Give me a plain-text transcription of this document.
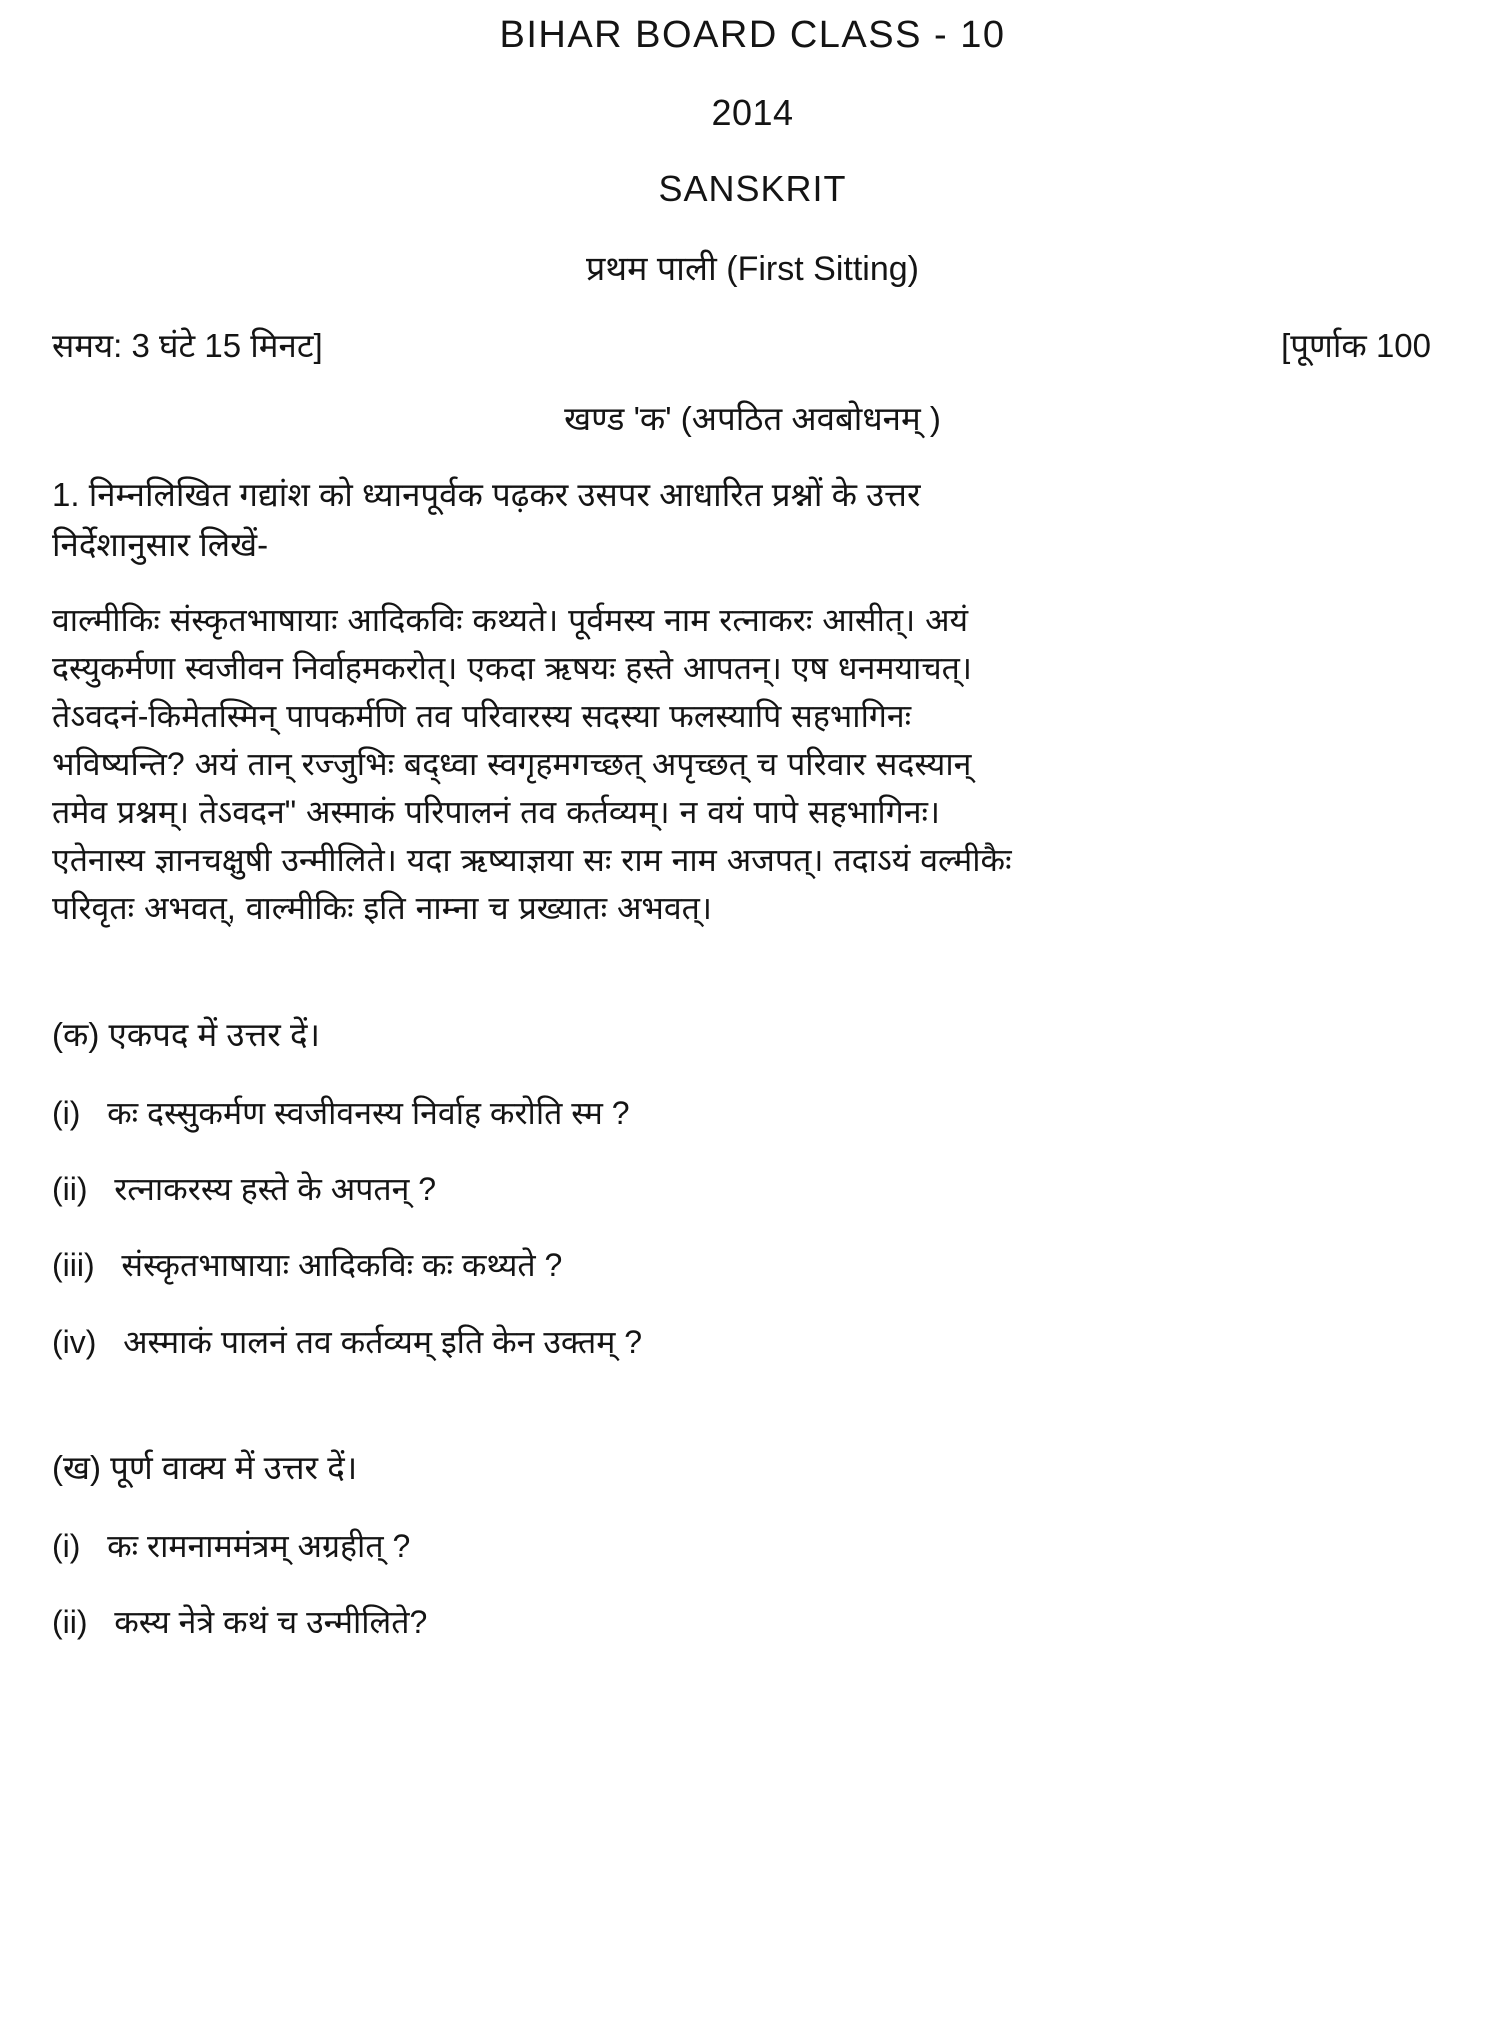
BIHAR BOARD CLASS - 10
2014
SANSKRIT
प्रथम पाली (First Sitting)
समय: 3 घंटे 15 मिनट]	[पूर्णाक 100
खण्ड 'क' (अपठित अवबोधनम् )
1. निम्नलिखित गद्यांश को ध्यानपूर्वक पढ़कर उसपर आधारित प्रश्नों के उत्तर
निर्देशानुसार लिखें-
वाल्मीकिः संस्कृतभाषायाः आदिकविः कथ्यते। पूर्वमस्य नाम रत्नाकरः आसीत्। अयं
दस्युकर्मणा स्वजीवन निर्वाहमकरोत्। एकदा ऋषयः हस्ते आपतन्। एष धनमयाचत्।
तेऽवदनं-किमेतस्मिन् पापकर्मणि तव परिवारस्य सदस्या फलस्यापि सहभागिनः
भविष्यन्ति? अयं तान् रज्जुभिः बद्ध्वा स्वगृहमगच्छत् अपृच्छत् च परिवार सदस्यान्
तमेव प्रश्नम्। तेऽवदन" अस्माकं परिपालनं तव कर्तव्यम्। न वयं पापे सहभागिनः।
एतेनास्य ज्ञानचक्षुषी उन्मीलिते। यदा ऋष्याज्ञया सः राम नाम अजपत्। तदाऽयं वल्मीकैः
परिवृतः अभवत्, वाल्मीकिः इति नाम्ना च प्रख्यातः अभवत्।
(क) एकपद में उत्तर दें।
(i) कः दस्सुकर्मण स्वजीवनस्य निर्वाह करोति स्म ?
(ii) रत्नाकरस्य हस्ते के अपतन् ?
(iii) संस्कृतभाषायाः आदिकविः कः कथ्यते ?
(iv) अस्माकं पालनं तव कर्तव्यम् इति केन उक्तम् ?
(ख) पूर्ण वाक्य में उत्तर दें।
(i) कः रामनाममंत्रम् अग्रहीत् ?
(ii) कस्य नेत्रे कथं च उन्मीलिते?
